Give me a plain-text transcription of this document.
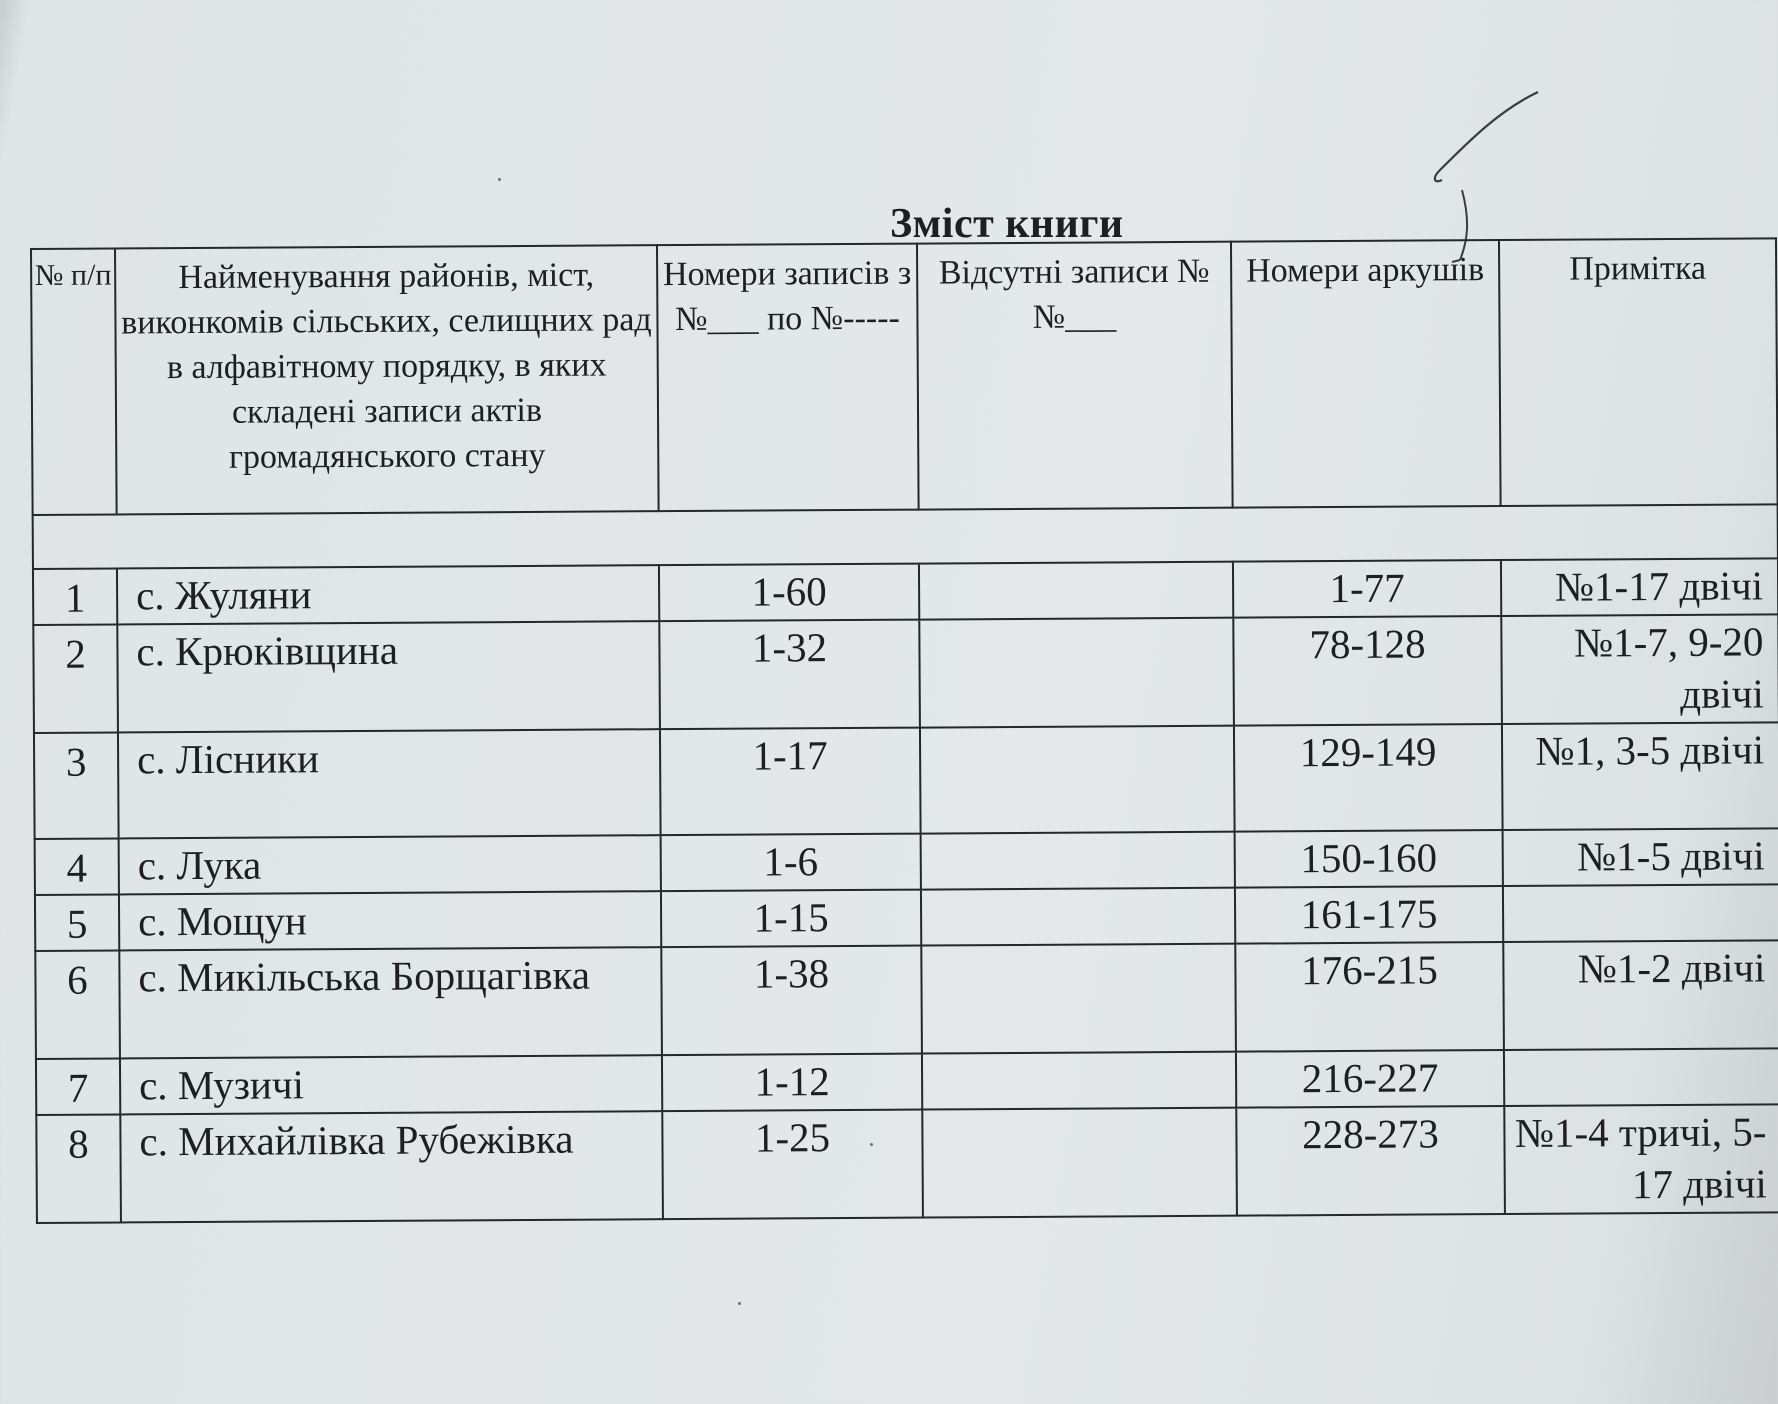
Зміст книги
№ п/п	Найменування районів, міст, виконкомів сільських, селищних рад в алфавітному порядку, в яких складені записи актів громадянського стану	Номери записів з №___ по №-----	Відсутні записи №№___	Номери аркушів	Примітка

1	с. Жуляни	1-60		1-77	№1-17 двічі
2	с. Крюківщина	1-32		78-128	№1-7, 9-20 двічі
3	с. Лісники	1-17		129-149	№1, 3-5 двічі
4	с. Лука	1-6		150-160	№1-5 двічі
5	с. Мощун	1-15		161-175	
6	с. Микільська Борщагівка	1-38		176-215	№1-2 двічі
7	с. Музичі	1-12		216-227	
8	с. Михайлівка Рубежівка	1-25		228-273	№1-4 тричі, 5-17 двічі
